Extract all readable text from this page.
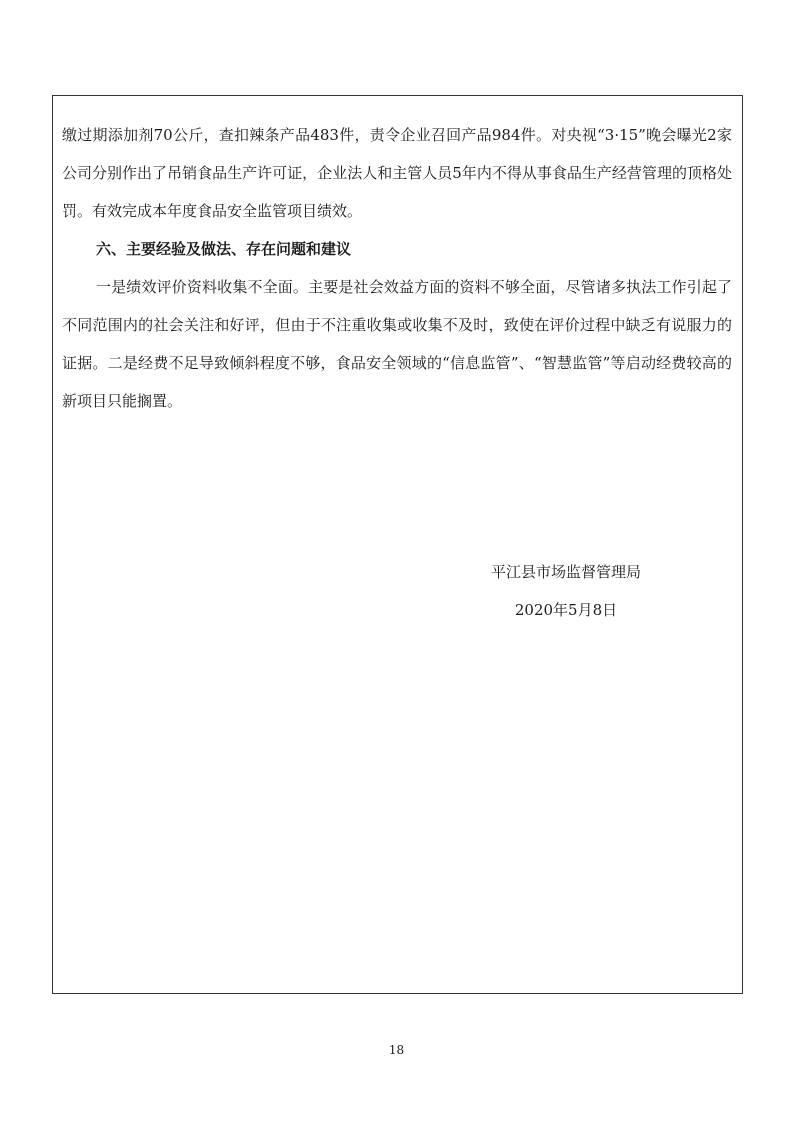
缴过期添加剂70公斤，查扣辣条产品483件，责令企业召回产品984件。对央视“3·15”晚会曝光2家公司分别作出了吊销食品生产许可证，企业法人和主管人员5年内不得从事食品生产经营管理的顶格处罚。有效完成本年度食品安全监管项目绩效。

六、主要经验及做法、存在问题和建议

一是绩效评价资料收集不全面。主要是社会效益方面的资料不够全面，尽管诸多执法工作引起了不同范围内的社会关注和好评，但由于不注重收集或收集不及时，致使在评价过程中缺乏有说服力的证据。二是经费不足导致倾斜程度不够，食品安全领域的“信息监管”、“智慧监管”等启动经费较高的新项目只能搁置。

平江县市场监督管理局
2020年5月8日
18
